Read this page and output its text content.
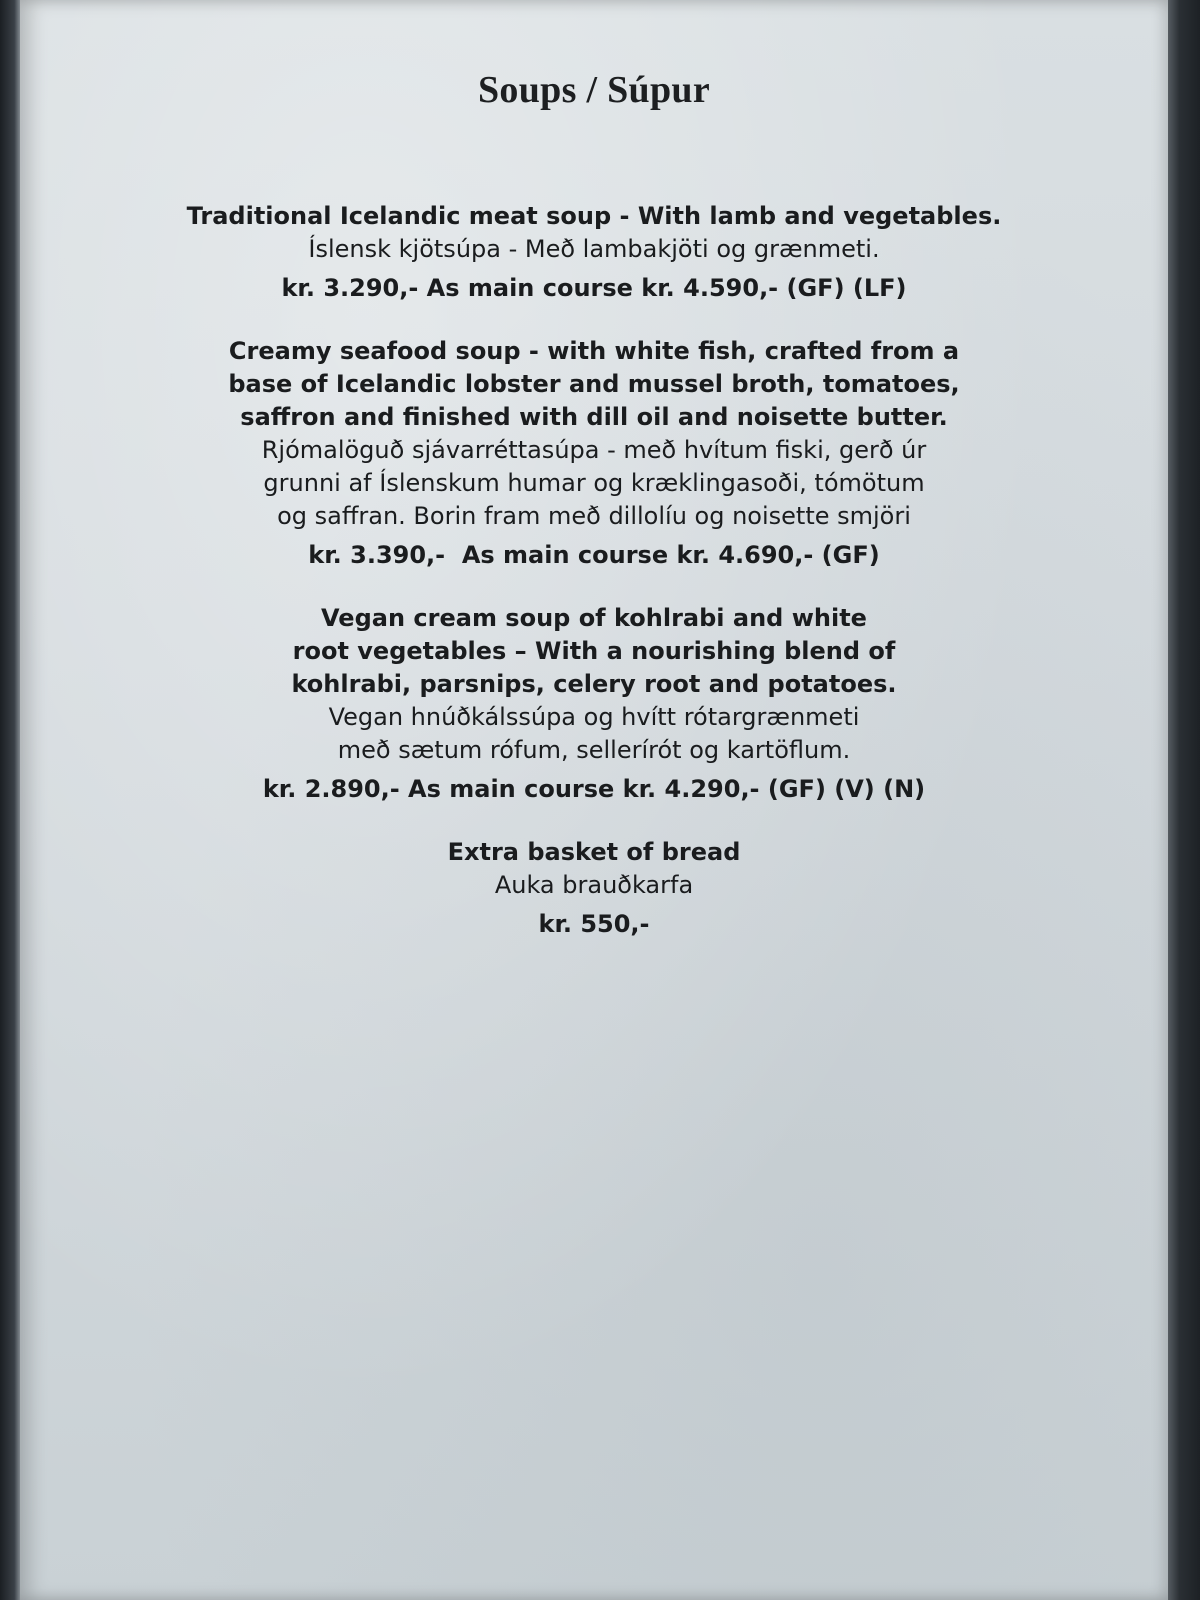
Soups / Súpur
Traditional Icelandic meat soup - With lamb and vegetables.
Íslensk kjötsúpa - Með lambakjöti og grænmeti.
kr. 3.290,- As main course kr. 4.590,- (GF) (LF)
Creamy seafood soup - with white fish, crafted from a
base of Icelandic lobster and mussel broth, tomatoes,
saffron and finished with dill oil and noisette butter.
Rjómalöguð sjávarréttasúpa - með hvítum fiski, gerð úr
grunni af Íslenskum humar og kræklingasoði, tómötum
og saffran. Borin fram með dillolíu og noisette smjöri
kr. 3.390,-  As main course kr. 4.690,- (GF)
Vegan cream soup of kohlrabi and white
root vegetables – With a nourishing blend of
kohlrabi, parsnips, celery root and potatoes.
Vegan hnúðkálssúpa og hvítt rótargrænmeti
með sætum rófum, sellerírót og kartöflum.
kr. 2.890,- As main course kr. 4.290,- (GF) (V) (N)
Extra basket of bread
Auka brauðkarfa
kr. 550,-
